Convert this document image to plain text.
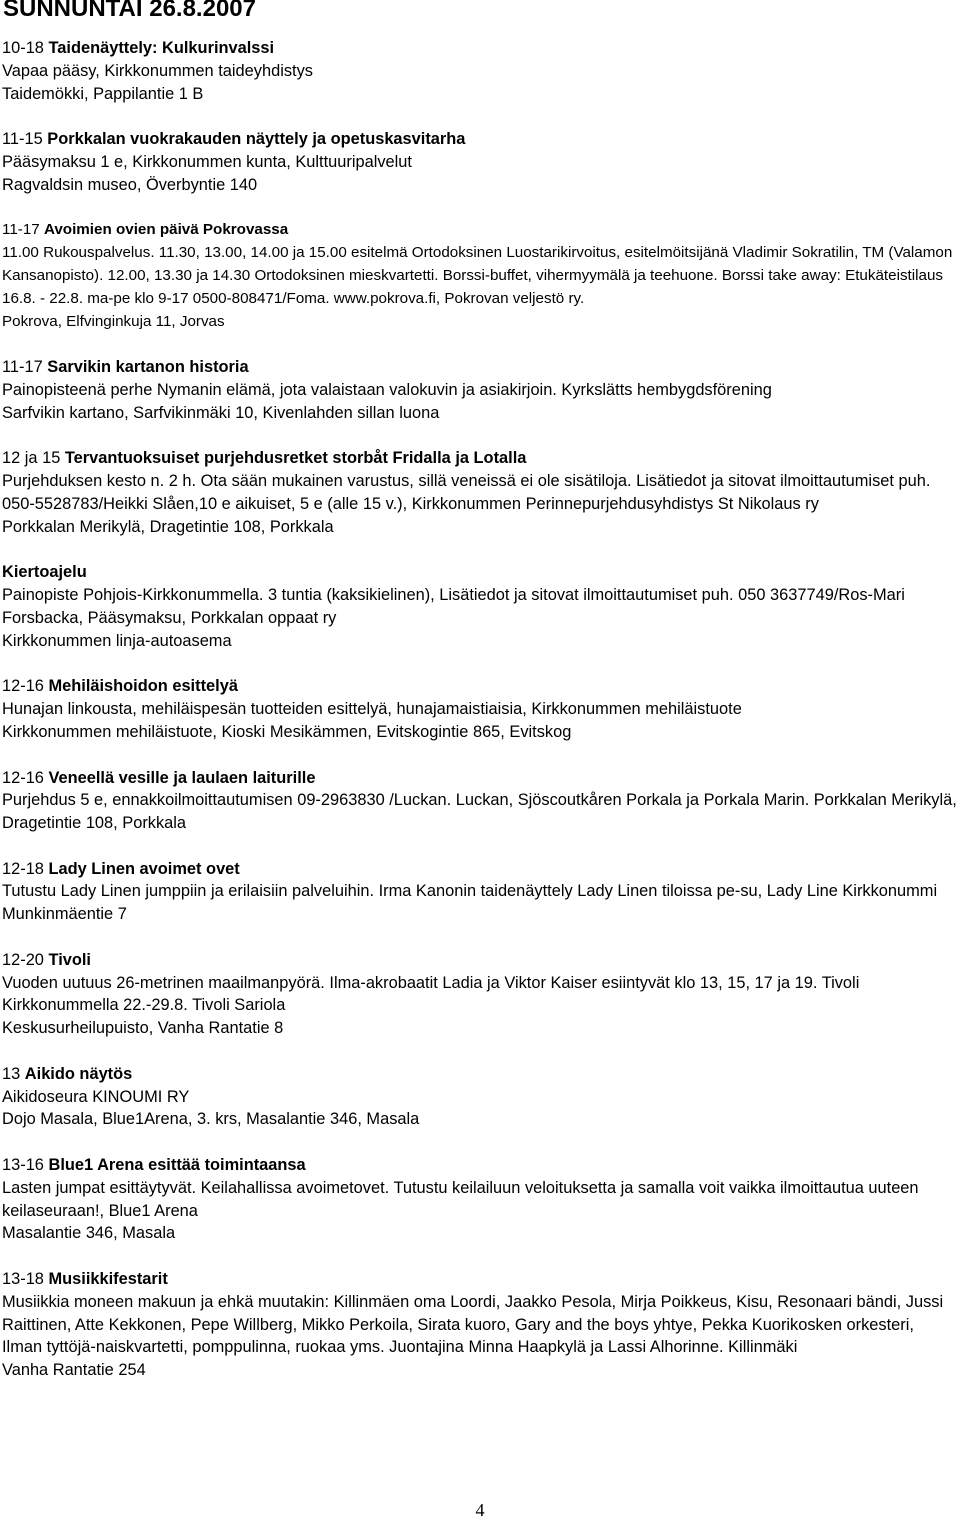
SUNNUNTAI 26.8.2007
10-18 Taidenäyttely: Kulkurinvalssi
Vapaa pääsy, Kirkkonummen taideyhdistys
Taidemökki, Pappilantie 1 B
11-15 Porkkalan vuokrakauden näyttely ja opetuskasvitarha
Pääsymaksu 1 e, Kirkkonummen kunta, Kulttuuripalvelut
Ragvaldsin museo, Överbyntie 140
11-17 Avoimien ovien päivä Pokrovassa
11.00 Rukouspalvelus. 11.30, 13.00, 14.00 ja 15.00 esitelmä Ortodoksinen Luostarikirvoitus, esitelmöitsijänä Vladimir Sokratilin, TM (Valamon Kansanopisto). 12.00, 13.30 ja 14.30 Ortodoksinen mieskvartetti. Borssi-buffet, vihermyymälä ja teehuone. Borssi take away: Etukäteistilaus 16.8. - 22.8. ma-pe klo 9-17 0500-808471/Foma. www.pokrova.fi, Pokrovan veljestö ry.
Pokrova, Elfvinginkuja 11, Jorvas
11-17 Sarvikin kartanon historia
Painopisteenä perhe Nymanin elämä, jota valaistaan valokuvin ja asiakirjoin. Kyrkslätts hembygdsförening
Sarfvikin kartano, Sarfvikinmäki 10, Kivenlahden sillan luona
12 ja 15 Tervantuoksuiset purjehdusretket storbåt Fridalla ja Lotalla
Purjehduksen kesto n. 2 h. Ota sään mukainen varustus, sillä veneissä ei ole sisätiloja. Lisätiedot ja sitovat ilmoittautumiset puh. 050-5528783/Heikki Slåen,10 e aikuiset, 5 e (alle 15 v.), Kirkkonummen Perinnepurjehdusyhdistys St Nikolaus ry
Porkkalan Merikylä, Dragetintie 108, Porkkala
Kiertoajelu
Painopiste Pohjois-Kirkkonummella. 3 tuntia (kaksikielinen), Lisätiedot ja sitovat ilmoittautumiset puh. 050 3637749/Ros-Mari Forsbacka, Pääsymaksu, Porkkalan oppaat ry
Kirkkonummen linja-autoasema
12-16 Mehiläishoidon esittelyä
Hunajan linkousta, mehiläispesän tuotteiden esittelyä, hunajamaistiaisia, Kirkkonummen mehiläistuote
Kirkkonummen mehiläistuote, Kioski Mesikämmen, Evitskogintie 865, Evitskog
12-16 Veneellä vesille ja laulaen laiturille
Purjehdus 5 e, ennakkoilmoittautumisen 09-2963830 /Luckan. Luckan, Sjöscoutkåren Porkala ja Porkala Marin. Porkkalan Merikylä, Dragetintie 108, Porkkala
12-18 Lady Linen avoimet ovet
Tutustu Lady Linen jumppiin ja erilaisiin palveluihin. Irma Kanonin taidenäyttely Lady Linen tiloissa pe-su, Lady Line Kirkkonummi
Munkinmäentie 7
12-20 Tivoli
Vuoden uutuus 26-metrinen maailmanpyörä. Ilma-akrobaatit Ladia ja Viktor Kaiser esiintyvät klo 13, 15, 17 ja 19. Tivoli Kirkkonummella 22.-29.8. Tivoli Sariola
Keskusurheilupuisto, Vanha Rantatie 8
13 Aikido näytös
Aikidoseura KINOUMI RY
Dojo Masala, Blue1Arena, 3. krs, Masalantie 346, Masala
13-16 Blue1 Arena esittää toimintaansa
Lasten jumpat esittäytyvät. Keilahallissa avoimetovet. Tutustu keilailuun veloituksetta ja samalla voit vaikka ilmoittautua uuteen keilaseuraan!, Blue1 Arena
Masalantie 346, Masala
13-18 Musiikkifestarit
Musiikkia moneen makuun ja ehkä muutakin: Killinmäen oma Loordi, Jaakko Pesola, Mirja Poikkeus, Kisu, Resonaari bändi, Jussi Raittinen, Atte Kekkonen, Pepe Willberg, Mikko Perkoila, Sirata kuoro, Gary and the boys yhtye, Pekka Kuorikosken orkesteri, Ilman tyttöjä-naiskvartetti, pomppulinna, ruokaa yms. Juontajina Minna Haapkylä ja Lassi Alhorinne. Killinmäki
Vanha Rantatie 254
4
